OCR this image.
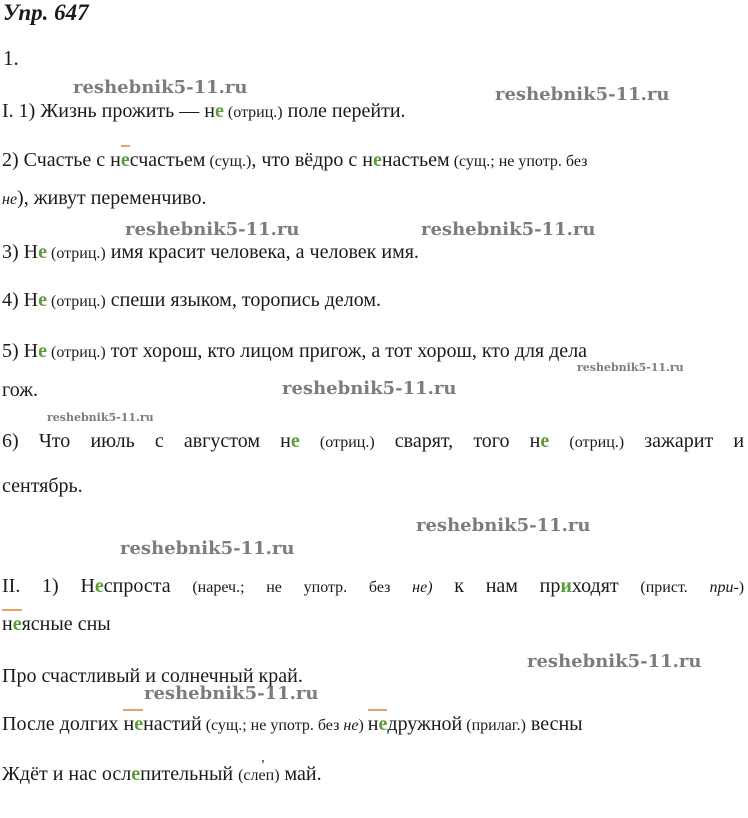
Упр. 647
1.
I. 1) Жизнь прожить — не (отриц.) поле перейти.
2) Счастье с несчастьем (сущ.), что вёдро с ненастьем (сущ.; не употр. без
не), живут переменчиво.
3) Не (отриц.) имя красит человека, а человек имя.
4) Не (отриц.) спеши языком, торопись делом.
5) Не (отриц.) тот хорош, кто лицом пригож, а тот хорош, кто для дела
гож.
6) Что июль с августом не (отриц.) сварят, того не (отриц.) зажарит и
сентябрь.
II. 1) Неспроста (нареч.; не употр. без не) к нам приходят (прист. при-)
неясные сны
Про счастливый и солнечный край.
После долгих ненастий (сущ.; не употр. без не) недружной (прилаг.) весны
Ждёт и нас ослепительный (сл’ еп) май.
reshebnik5-11.ru	reshebnik5-11.ru
reshebnik5-11.ru	reshebnik5-11.ru
reshebnik5-11.ru
reshebnik5-11.ru
reshebnik5-11.ru
reshebnik5-11.ru
reshebnik5-11.ru
reshebnik5-11.ru
reshebnik5-11.ru
